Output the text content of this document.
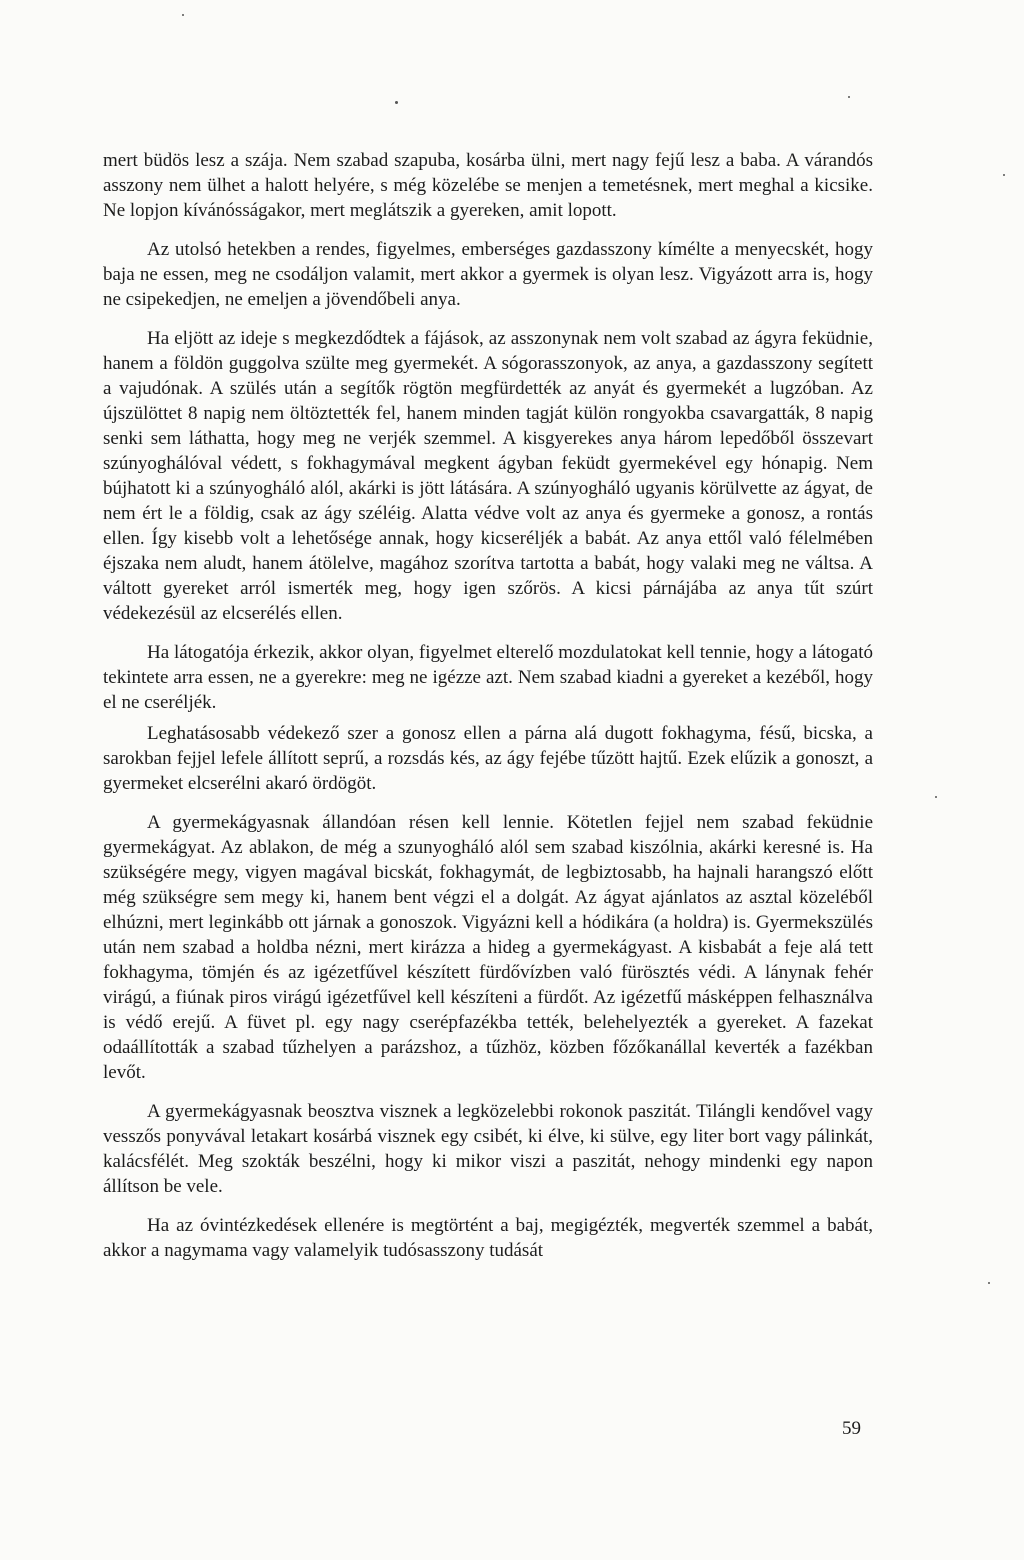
mert büdös lesz a szája. Nem szabad szapuba, kosárba ülni, mert nagy fejű lesz a baba. A várandós asszony nem ülhet a halott helyére, s még közelébe se menjen a temetésnek, mert meghal a kicsike. Ne lopjon kívánósságakor, mert meglátszik a gyereken, amit lopott.

Az utolsó hetekben a rendes, figyelmes, emberséges gazdasszony kímélte a menyecskét, hogy baja ne essen, meg ne csodáljon valamit, mert akkor a gyermek is olyan lesz. Vigyázott arra is, hogy ne csipekedjen, ne emeljen a jövendőbeli anya.

Ha eljött az ideje s megkezdődtek a fájások, az asszonynak nem volt szabad az ágyra feküdnie, hanem a földön guggolva szülte meg gyermekét. A sógorasszonyok, az anya, a gazdasszony segített a vajudónak. A szülés után a segítők rögtön megfürdették az anyát és gyermekét a lugzóban. Az újszülöttet 8 napig nem öltöztették fel, hanem minden tagját külön rongyokba csavargatták, 8 napig senki sem láthatta, hogy meg ne verjék szemmel. A kisgyerekes anya három lepedőből összevart szúnyoghálóval védett, s fokhagymával megkent ágyban feküdt gyermekével egy hónapig. Nem bújhatott ki a szúnyogháló alól, akárki is jött látására. A szúnyogháló ugyanis körülvette az ágyat, de nem ért le a földig, csak az ágy széléig. Alatta védve volt az anya és gyermeke a gonosz, a rontás ellen. Így kisebb volt a lehetősége annak, hogy kicseréljék a babát. Az anya ettől való félelmében éjszaka nem aludt, hanem átölelve, magához szorítva tartotta a babát, hogy valaki meg ne váltsa. A váltott gyereket arról ismerték meg, hogy igen szőrös. A kicsi párnájába az anya tűt szúrt védekezésül az elcserélés ellen.

Ha látogatója érkezik, akkor olyan, figyelmet elterelő mozdulatokat kell tennie, hogy a látogató tekintete arra essen, ne a gyerekre: meg ne igézze azt. Nem szabad kiadni a gyereket a kezéből, hogy el ne cseréljék.

Leghatásosabb védekező szer a gonosz ellen a párna alá dugott fokhagyma, fésű, bicska, a sarokban fejjel lefele állított seprű, a rozsdás kés, az ágy fejébe tűzött hajtű. Ezek elűzik a gonoszt, a gyermeket elcserélni akaró ördögöt.

A gyermekágyasnak állandóan résen kell lennie. Kötetlen fejjel nem szabad feküdnie gyermekágyat. Az ablakon, de még a szunyogháló alól sem szabad kiszólnia, akárki keresné is. Ha szükségére megy, vigyen magával bicskát, fokhagymát, de legbiztosabb, ha hajnali harangszó előtt még szükségre sem megy ki, hanem bent végzi el a dolgát. Az ágyat ajánlatos az asztal közeléből elhúzni, mert leginkább ott járnak a gonoszok. Vigyázni kell a hódikára (a holdra) is. Gyermekszülés után nem szabad a holdba nézni, mert kirázza a hideg a gyermekágyast. A kisbabát a feje alá tett fokhagyma, tömjén és az igézetfűvel készített fürdővízben való fürösztés védi. A lánynak fehér virágú, a fiúnak piros virágú igézetfűvel kell készíteni a fürdőt. Az igézetfű másképpen felhasználva is védő erejű. A füvet pl. egy nagy cserépfazékba tették, belehelyezték a gyereket. A fazekat odaállították a szabad tűzhelyen a parázshoz, a tűzhöz, közben főzőkanállal keverték a fazékban levőt.

A gyermekágyasnak beosztva visznek a legközelebbi rokonok paszitát. Tilángli kendővel vagy vesszős ponyvával letakart kosárbá visznek egy csibét, ki élve, ki sülve, egy liter bort vagy pálinkát, kalácsfélét. Meg szokták beszélni, hogy ki mikor viszi a paszitát, nehogy mindenki egy napon állítson be vele.

Ha az óvintézkedések ellenére is megtörtént a baj, megigézték, megverték szemmel a babát, akkor a nagymama vagy valamelyik tudósasszony tudását

59
